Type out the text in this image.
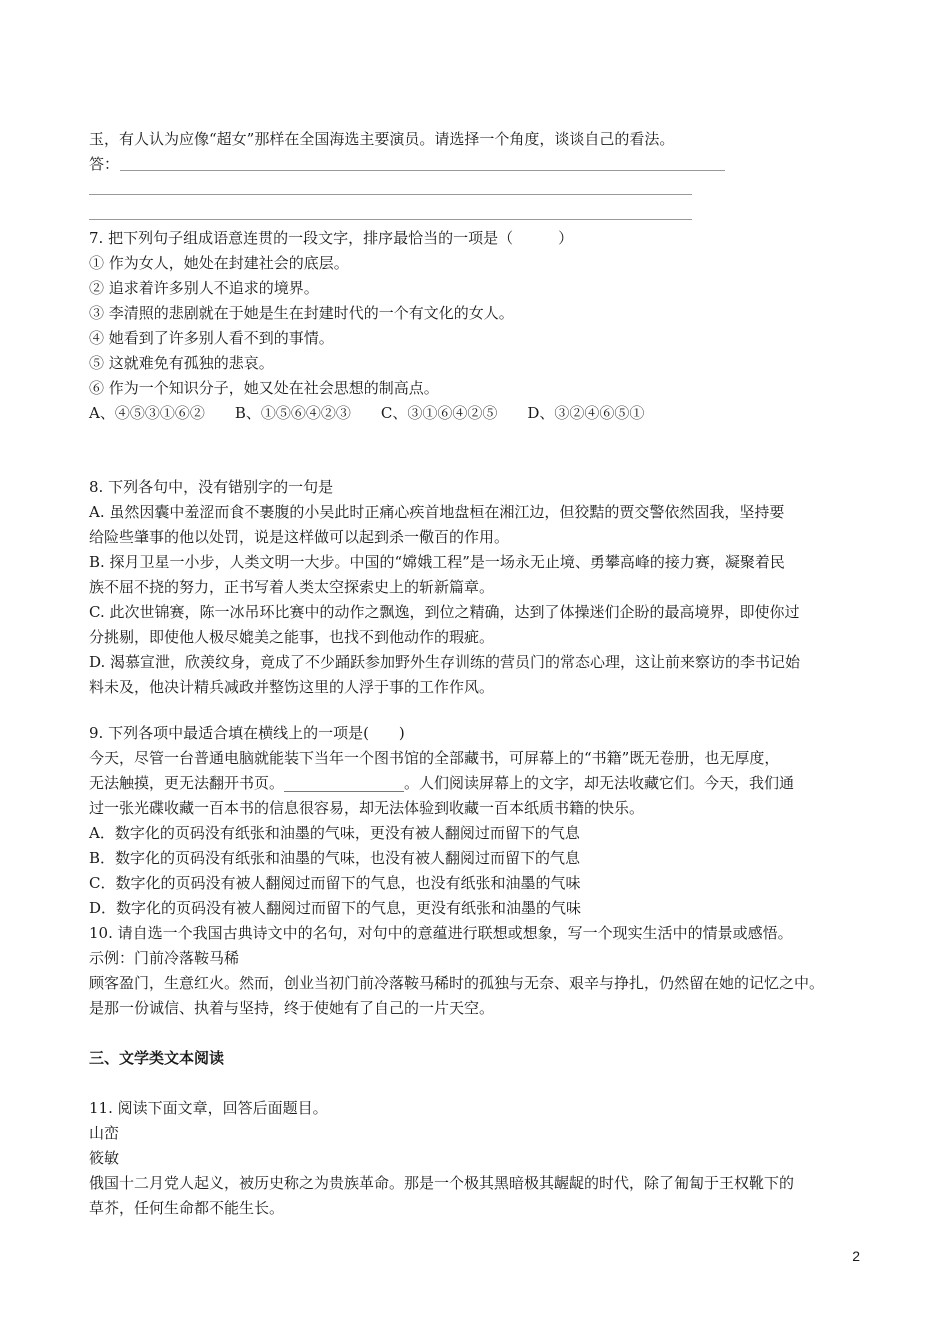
玉，有人认为应像“超女”那样在全国海选主要演员。请选择一个角度，谈谈自己的看法。
答：
7. 把下列句子组成语意连贯的一段文字，排序最恰当的一项是（　　　）
① 作为女人，她处在封建社会的底层。
② 追求着许多别人不追求的境界。
③ 李清照的悲剧就在于她是生在封建时代的一个有文化的女人。
④ 她看到了许多别人看不到的事情。
⑤ 这就难免有孤独的悲哀。
⑥ 作为一个知识分子，她又处在社会思想的制高点。
A、④⑤③①⑥②　　B、①⑤⑥④②③　　C、③①⑥④②⑤　　D、③②④⑥⑤①
8. 下列各句中，没有错别字的一句是
A. 虽然因囊中羞涩而食不裹腹的小吴此时正痛心疾首地盘桓在湘江边，但狡黠的贾交警依然固我，坚持要
给险些肇事的他以处罚，说是这样做可以起到杀一儆百的作用。
B. 探月卫星一小步，人类文明一大步。中国的“嫦娥工程”是一场永无止境、勇攀高峰的接力赛，凝聚着民
族不屈不挠的努力，正书写着人类太空探索史上的斩新篇章。
C. 此次世锦赛，陈一冰吊环比赛中的动作之飘逸，到位之精确，达到了体操迷们企盼的最高境界，即使你过
分挑剔，即使他人极尽媲美之能事，也找不到他动作的瑕疵。
D. 渴慕宣泄，欣羡纹身，竟成了不少踊跃参加野外生存训练的营员门的常态心理，这让前来察访的李书记始
料未及，他决计精兵减政并整饬这里的人浮于事的工作作风。
9. 下列各项中最适合填在横线上的一项是(　　)
今天，尽管一台普通电脑就能装下当年一个图书馆的全部藏书，可屏幕上的“书籍”既无卷册，也无厚度，
无法触摸，更无法翻开书页。________________。人们阅读屏幕上的文字，却无法收藏它们。今天，我们通
过一张光碟收藏一百本书的信息很容易，却无法体验到收藏一百本纸质书籍的快乐。
A．数字化的页码没有纸张和油墨的气味，更没有被人翻阅过而留下的气息
B．数字化的页码没有纸张和油墨的气味，也没有被人翻阅过而留下的气息
C．数字化的页码没有被人翻阅过而留下的气息，也没有纸张和油墨的气味
D．数字化的页码没有被人翻阅过而留下的气息，更没有纸张和油墨的气味
10. 请自选一个我国古典诗文中的名句，对句中的意蕴进行联想或想象，写一个现实生活中的情景或感悟。
示例：门前冷落鞍马稀
顾客盈门，生意红火。然而，创业当初门前冷落鞍马稀时的孤独与无奈、艰辛与挣扎，仍然留在她的记忆之中。
是那一份诚信、执着与坚持，终于使她有了自己的一片天空。
三、文学类文本阅读
11. 阅读下面文章，回答后面题目。
山峦
筱敏
俄国十二月党人起义，被历史称之为贵族革命。那是一个极其黑暗极其龌龊的时代，除了匍匐于王权靴下的
草芥，任何生命都不能生长。
2
